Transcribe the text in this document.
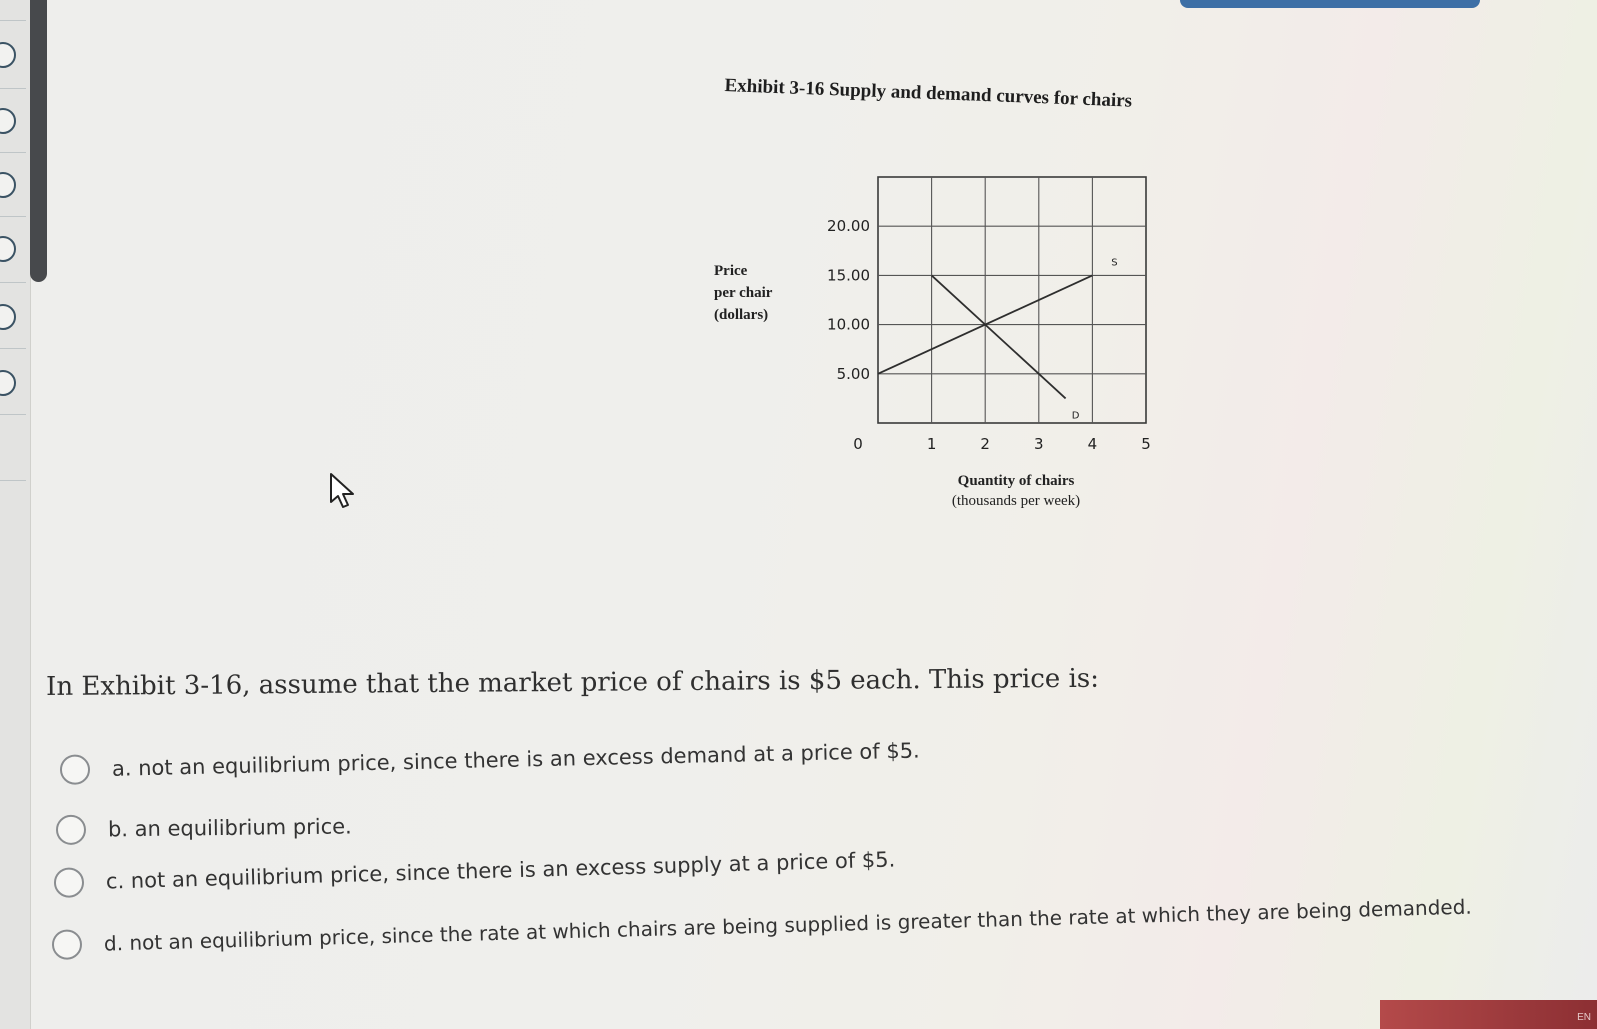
EN
Exhibit 3-16 Supply and demand curves for chairs
Price
per chair
(dollars)
20.00
15.00
10.00
5.00
0	1	2	3	4	5
Quantity of chairs
(thousands per week)
S
D
In Exhibit 3-16, assume that the market price of chairs is $5 each. This price is:
a. not an equilibrium price, since there is an excess demand at a price of $5.
b. an equilibrium price.
c. not an equilibrium price, since there is an excess supply at a price of $5.
d. not an equilibrium price, since the rate at which chairs are being supplied is greater than the rate at which they are being demanded.
